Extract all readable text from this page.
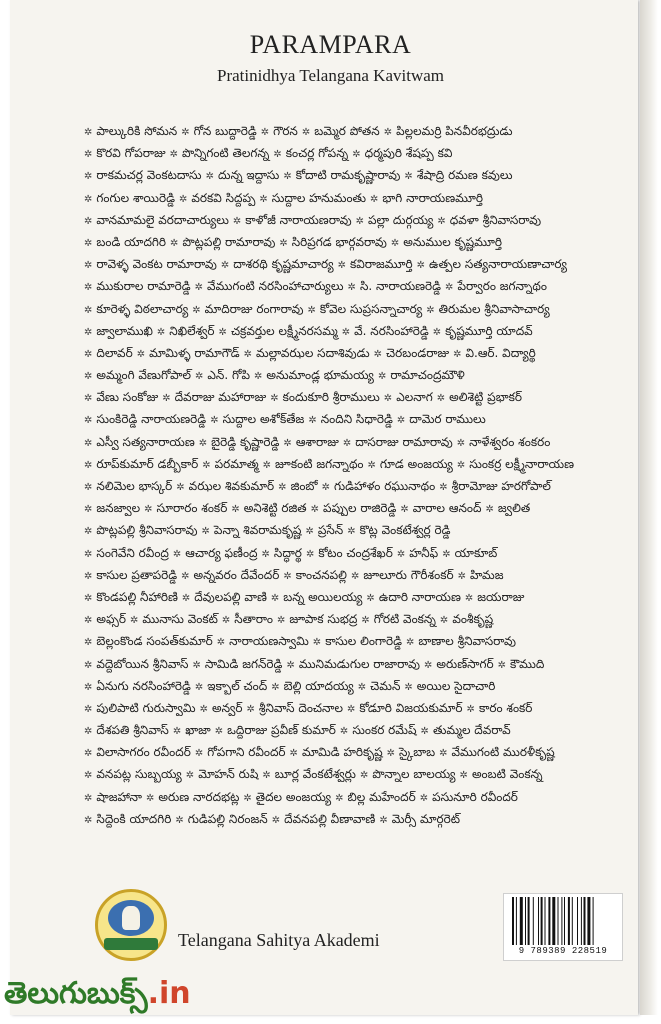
PARAMPARA
Pratinidhya Telangana Kavitwam
✲ పాల్కురికి సోమన ✲ గోన బుద్దారెడ్డి ✲ గౌరన ✲ బమ్మెర పోతన ✲ పిల్లలమర్రి పినవీరభద్రుడు
✲ కొరవి గోపరాజు ✲ పొన్నిగంటి తెలగన్న ✲ కంచర్ల గోపన్న ✲ ధర్మపురి శేషప్ప కవి
✲ రాకమచర్ల వెంకటదాసు ✲ దున్న ఇద్దాసు ✲ కోదాటి రామకృష్ణారావు ✲ శేషాద్రి రమణ కవులు
✲ గంగుల శాయిరెడ్డి ✲ వరకవి సిద్దప్ప ✲ సుద్దాల హనుమంతు ✲ భాగి నారాయణమూర్తి
✲ వానమామలై వరదాచార్యులు ✲ కాళోజీ నారాయణరావు ✲ పల్లా దుర్గయ్య ✲ ధవళా శ్రీనివాసరావు
✲ బండి యాదగిరి ✲ పొట్లపల్లి రామారావు ✲ సిరిప్రగడ భార్గవరావు ✲ అనుముల కృష్ణమూర్తి
✲ రావెళ్ళ వెంకట రామారావు ✲ దాశరథి కృష్ణమాచార్య ✲ కవిరాజమూర్తి ✲ ఉత్పల సత్యనారాయణాచార్య
✲ ముకురాల రామారెడ్డి ✲ వేముగంటి నరసింహాచార్యులు ✲ సి. నారాయణరెడ్డి ✲ పేర్వారం జగన్నాథం
✲ కూరెళ్ళ విఠలాచార్య ✲ మాదిరాజు రంగారావు ✲ కోవెల సుప్రసన్నాచార్య ✲ తిరుమల శ్రీనివాసాచార్య
✲ జ్వాలాముఖి ✲ నిఖిలేశ్వర్ ✲ చక్రవర్తుల లక్ష్మీనరసమ్మ ✲ వే. నరసింహారెడ్డి ✲ కృష్ణమూర్తి యాదవ్
✲ దిలావర్ ✲ మామిళ్ళ రామాగౌడ్ ✲ మల్లావఝల సదాశివుడు ✲ చెరబండరాజు ✲ వి.ఆర్. విద్యార్థి
✲ అమ్మంగి వేణుగోపాల్ ✲ ఎన్. గోపి ✲ అనుమాండ్ల భూమయ్య ✲ రామాచంద్రమౌళి
✲ వేణు సంకోజు ✲ దేవరాజు మహారాజు ✲ కందుకూరి శ్రీరాములు ✲ ఎలనాగ ✲ అలిశెట్టి ప్రభాకర్
✲ సుంకిరెడ్డి నారాయణరెడ్డి ✲ సుద్దాల అశోక్‌తేజ ✲ నందిని సిధారెడ్డి ✲ దామెర రాములు
✲ ఎస్వీ సత్యనారాయణ ✲ బైరెడ్డి కృష్ణారెడ్డి ✲ ఆశారాజు ✲ దాసరాజు రామారావు ✲ నాళేశ్వరం శంకరం
✲ రూప్‌కుమార్ డబ్బీకార్ ✲ పరమాత్మ ✲ జూకంటి జగన్నాథం ✲ గూడ అంజయ్య ✲ సుంకర్ర లక్ష్మీనారాయణ
✲ నలిమెల భాస్కర్ ✲ వఝల శివకుమార్ ✲ జింబో ✲ గుడిహాళం రఘునాథం ✲ శ్రీరామోజు హరగోపాల్
✲ జనజ్వాల ✲ సూరారం శంకర్ ✲ అనిశెట్టి రజిత ✲ పప్పుల రాజిరెడ్డి ✲ వారాల ఆనంద్ ✲ జ్వలిత
✲ పొట్లపల్లి శ్రీనివాసరావు ✲ పెన్నా శివరామకృష్ణ ✲ ప్రసేన్ ✲ కొట్ల వెంకటేశ్వర్ల రెడ్డి
✲ సంగెవేని రవీంద్ర ✲ ఆచార్య ఫణీంద్ర ✲ సిద్ధార్థ ✲ కోటం చంద్రశేఖర్ ✲ హనీఫ్ ✲ యాకూబ్
✲ కాసుల ప్రతాపరెడ్డి ✲ అన్నవరం దేవేందర్ ✲ కాంచనపల్లి ✲ జూలూరు గౌరీశంకర్ ✲ హిమజ
✲ కొండపల్లి నీహారిణి ✲ దేవులపల్లి వాణి ✲ బన్న అయిలయ్య ✲ ఉదారి నారాయణ ✲ జయరాజు
✲ అఫ్సర్ ✲ మునాసు వెంకట్ ✲ సీతారాం ✲ జూపాక సుభద్ర ✲ గోరటి వెంకన్న ✲ వంశీకృష్ణ
✲ బెల్లంకొండ సంపత్‌కుమార్ ✲ నారాయణస్వామి ✲ కాసుల లింగారెడ్డి ✲ బాణాల శ్రీనివాసరావు
✲ వద్దెబోయిన శ్రీనివాస్ ✲ సామిడి జగన్‌రెడ్డి ✲ మునిమడుగుల రాజారావు ✲ అరుణ్‌సాగర్ ✲ కౌముది
✲ ఏనుగు నరసింహారెడ్డి ✲ ఇక్బాల్ చంద్ ✲ బెల్లి యాదయ్య ✲ చెమన్ ✲ అయిల సైదాచారి
✲ పులిపాటి గురుస్వామి ✲ అన్వర్ ✲ శ్రీనివాస్ దెంచనాల ✲ కోడూరి విజయకుమార్ ✲ కారం శంకర్
✲ దేశపతి శ్రీనివాస్ ✲ ఖాజా ✲ ఒద్దిరాజు ప్రవీణ్ కుమార్ ✲ సుంకర రమేష్ ✲ తుమ్మల దేవరావ్
✲ విలాసాగరం రవీందర్ ✲ గోపగాని రవీందర్ ✲ మామిడి హరికృష్ణ ✲ స్కైబాబ ✲ వేముగంటి మురళీకృష్ణ
✲ వనపట్ల సుబ్బయ్య ✲ మోహన్ రుషి ✲ బూర్ల వేంకటేశ్వర్లు ✲ పొన్నాల బాలయ్య ✲ అంబటి వెంకన్న
✲ షాజహానా ✲ అరుణ నారదభట్ల ✲ తైదల అంజయ్య ✲ బిల్ల మహేందర్ ✲ పసునూరి రవీందర్
✲ సిద్దెంకి యాదగిరి ✲ గుడిపల్లి నిరంజన్ ✲ దేవనపల్లి వీణావాణి ✲ మెర్సీ మార్గరెట్
Telangana Sahitya Akademi
9 789389 228519
తెలుగుబుక్స్.in
